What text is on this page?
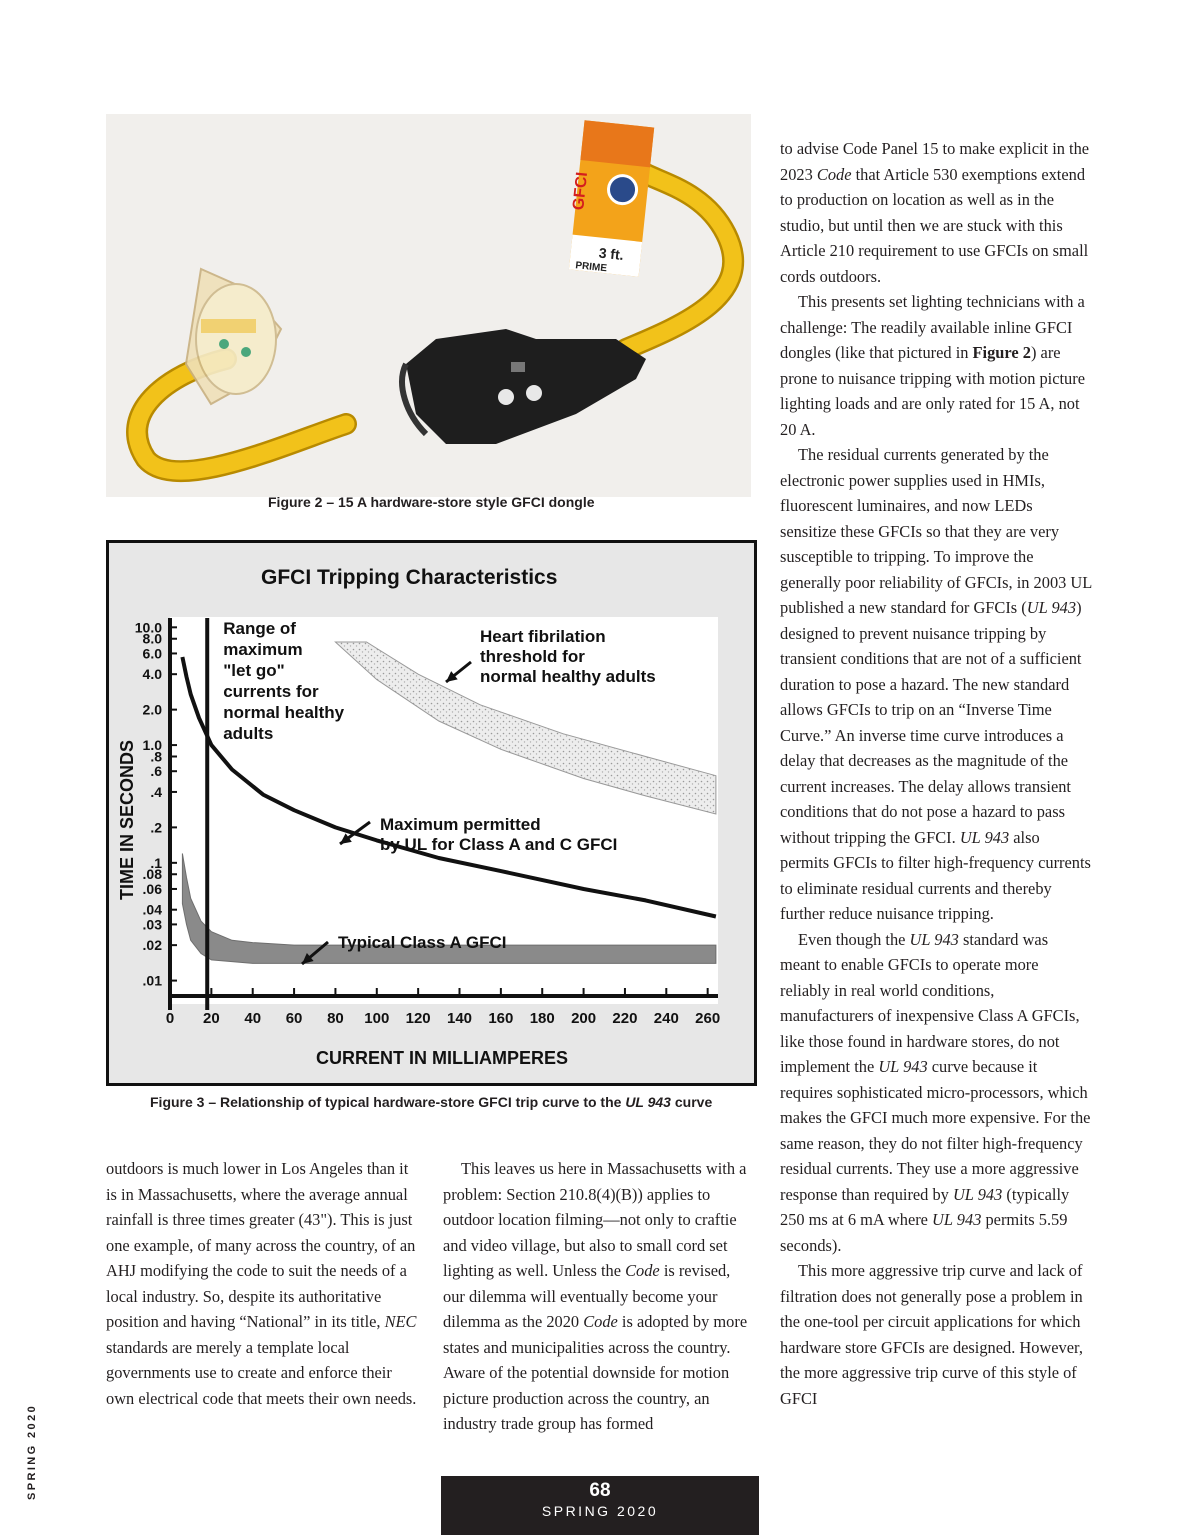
GFCI
PRIME
3 ft.
Figure 2 – 15 A hardware-store style GFCI dongle
GFCI Tripping Characteristics
10.0
8.0
6.0
4.0
2.0
1.0
.8
.6
.4
.2
.1
.08
.06
.04
.03
.02
.01
0 20 40 60 80 100 120 140 160 180 200 220 240 260
TIME IN SECONDS
CURRENT IN MILLIAMPERES
Range of
maximum
"let go"
currents for
normal healthy
adults
Heart fibrilation
threshold for
normal healthy adults
Maximum permitted
by UL for Class A and C GFCI
Typical Class A GFCI
Figure 3 – Relationship of typical hardware-store GFCI trip curve to the UL 943 curve

outdoors is much lower in Los Angeles than it is in Massachusetts, where the average annual rainfall is three times greater (43"). This is just one example, of many across the country, of an AHJ modifying the code to suit the needs of a local industry. So, despite its authoritative position and having “National” in its title, NEC standards are merely a template local governments use to create and enforce their own electrical code that meets their own needs.

This leaves us here in Massachusetts with a problem: Section 210.8(4)(B)) applies to outdoor location filming—not only to craftie and video village, but also to small cord set lighting as well. Unless the Code is revised, our dilemma will eventually become your dilemma as the 2020 Code is adopted by more states and municipalities across the country. Aware of the potential downside for motion picture production across the country, an industry trade group has formed

to advise Code Panel 15 to make explicit in the 2023 Code that Article 530 exemptions extend to production on location as well as in the studio, but until then we are stuck with this Article 210 requirement to use GFCIs on small cords outdoors.

This presents set lighting technicians with a challenge: The readily available inline GFCI dongles (like that pictured in Figure 2) are prone to nuisance tripping with motion picture lighting loads and are only rated for 15 A, not 20 A.

The residual currents generated by the electronic power supplies used in HMIs, fluorescent luminaires, and now LEDs sensitize these GFCIs so that they are very susceptible to tripping. To improve the generally poor reliability of GFCIs, in 2003 UL published a new standard for GFCIs (UL 943) designed to prevent nuisance tripping by transient conditions that are not of a sufficient duration to pose a hazard. The new standard allows GFCIs to trip on an “Inverse Time Curve.” An inverse time curve introduces a delay that decreases as the magnitude of the current increases. The delay allows transient conditions that do not pose a hazard to pass without tripping the GFCI. UL 943 also permits GFCIs to filter high-frequency currents to eliminate residual currents and thereby further reduce nuisance tripping.

Even though the UL 943 standard was meant to enable GFCIs to operate more reliably in real world conditions, manufacturers of inexpensive Class A GFCIs, like those found in hardware stores, do not implement the UL 943 curve because it requires sophisticated micro-processors, which makes the GFCI much more expensive. For the same reason, they do not filter high-frequency residual currents. They use a more aggressive response than required by UL 943 (typically 250 ms at 6 mA where UL 943 permits 5.59 seconds).

This more aggressive trip curve and lack of filtration does not generally pose a problem in the one-tool per circuit applications for which hardware store GFCIs are designed. However, the more aggressive trip curve of this style of GFCI

SPRING 2020	68
SPRING 2020
